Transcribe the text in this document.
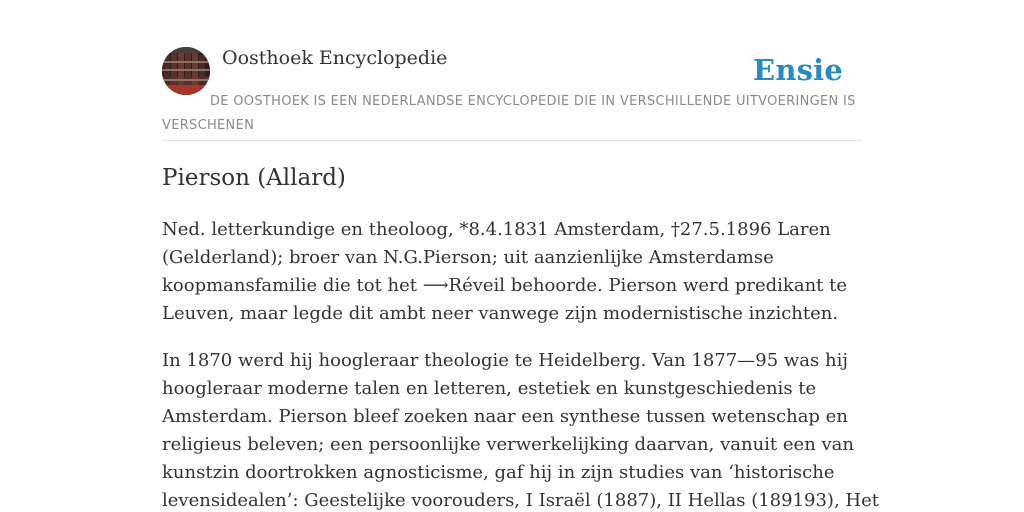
Oosthoek Encyclopedie	Ensie
DE OOSTHOEK IS EEN NEDERLANDSE ENCYCLOPEDIE DIE IN VERSCHILLENDE UITVOERINGEN IS VERSCHENEN
Pierson (Allard)

Ned. letterkundige en theoloog, *8.4.1831 Amsterdam, †27.5.1896 Laren
(Gelderland); broer van N.G.Pierson; uit aanzienlijke Amsterdamse
koopmansfamilie die tot het ⟶Réveil behoorde. Pierson werd predikant te
Leuven, maar legde dit ambt neer vanwege zijn modernistische inzichten.

In 1870 werd hij hoogleraar theologie te Heidelberg. Van 1877—95 was hij
hoogleraar moderne talen en letteren, estetiek en kunstgeschiedenis te
Amsterdam. Pierson bleef zoeken naar een synthese tussen wetenschap en
religieus beleven; een persoonlijke verwerkelijking daarvan, vanuit een van
kunstzin doortrokken agnosticisme, gaf hij in zijn studies van ‘historische
levensidealen’: Geestelijke voorouders, I Israël (1887), II Hellas (189193), Het
